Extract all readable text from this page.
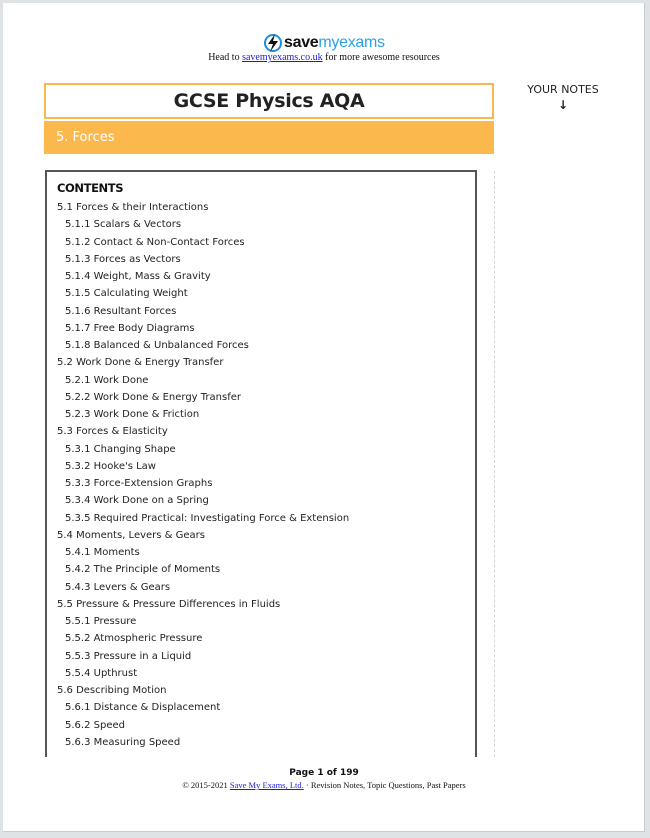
save myexams
Head to savemyexams.co.uk for more awesome resources
GCSE Physics AQA
5. Forces
YOUR NOTES
↓
CONTENTS
5.1 Forces & their Interactions
5.1.1 Scalars & Vectors
5.1.2 Contact & Non-Contact Forces
5.1.3 Forces as Vectors
5.1.4 Weight, Mass & Gravity
5.1.5 Calculating Weight
5.1.6 Resultant Forces
5.1.7 Free Body Diagrams
5.1.8 Balanced & Unbalanced Forces
5.2 Work Done & Energy Transfer
5.2.1 Work Done
5.2.2 Work Done & Energy Transfer
5.2.3 Work Done & Friction
5.3 Forces & Elasticity
5.3.1 Changing Shape
5.3.2 Hooke's Law
5.3.3 Force-Extension Graphs
5.3.4 Work Done on a Spring
5.3.5 Required Practical: Investigating Force & Extension
5.4 Moments, Levers & Gears
5.4.1 Moments
5.4.2 The Principle of Moments
5.4.3 Levers & Gears
5.5 Pressure & Pressure Differences in Fluids
5.5.1 Pressure
5.5.2 Atmospheric Pressure
5.5.3 Pressure in a Liquid
5.5.4 Upthrust
5.6 Describing Motion
5.6.1 Distance & Displacement
5.6.2 Speed
5.6.3 Measuring Speed
Page 1 of 199
© 2015-2021 Save My Exams, Ltd. · Revision Notes, Topic Questions, Past Papers
